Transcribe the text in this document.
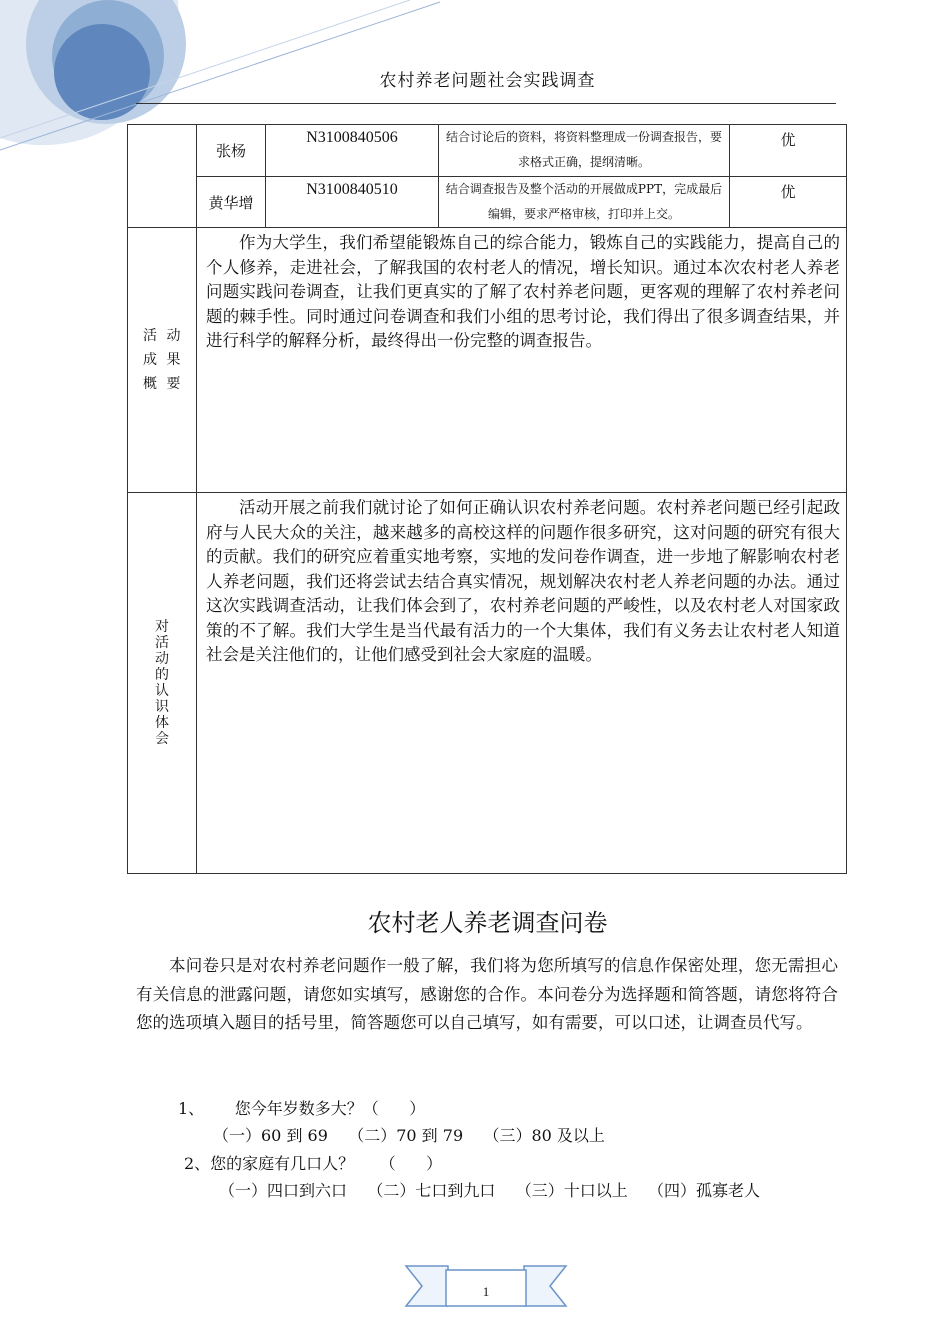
农村养老问题社会实践调查
	张杨	N3100840506	结合讨论后的资料，将资料整理成一份调查报告，要求格式正确，提纲清晰。	优
	黄华增	N3100840510	结合调查报告及整个活动的开展做成PPT，完成最后编辑，要求严格审核，打印并上交。	优

活 动 成 果 概 要	作为大学生，我们希望能锻炼自己的综合能力，锻炼自己的实践能力，提高自己的个人修养，走进社会，了解我国的农村老人的情况，增长知识。通过本次农村老人养老问题实践问卷调查，让我们更真实的了解了农村养老问题，更客观的理解了农村养老问题的棘手性。同时通过问卷调查和我们小组的思考讨论，我们得出了很多调查结果，并进行科学的解释分析，最终得出一份完整的调查报告。			

对活动的认识体会	活动开展之前我们就讨论了如何正确认识农村养老问题。农村养老问题已经引起政府与人民大众的关注，越来越多的高校这样的问题作很多研究，这对问题的研究有很大的贡献。我们的研究应着重实地考察，实地的发问卷作调查，进一步地了解影响农村老人养老问题，我们还将尝试去结合真实情况，规划解决农村老人养老问题的办法。通过这次实践调查活动，让我们体会到了，农村养老问题的严峻性，以及农村老人对国家政策的不了解。我们大学生是当代最有活力的一个大集体，我们有义务去让农村老人知道社会是关注他们的，让他们感受到社会大家庭的温暖。			

农村老人养老调查问卷

本问卷只是对农村养老问题作一般了解，我们将为您所填写的信息作保密处理，您无需担心有关信息的泄露问题，请您如实填写，感谢您的合作。本问卷分为选择题和简答题，请您将符合您的选项填入题目的括号里，简答题您可以自己填写，如有需要，可以口述，让调查员代写。

1、      您今年岁数多大？（      ）
（一）60 到 69    （二）70 到 79    （三）80 及以上
2、您的家庭有几口人？     （      ）
（一）四口到六口    （二）七口到九口    （三）十口以上    （四）孤寡老人
1
